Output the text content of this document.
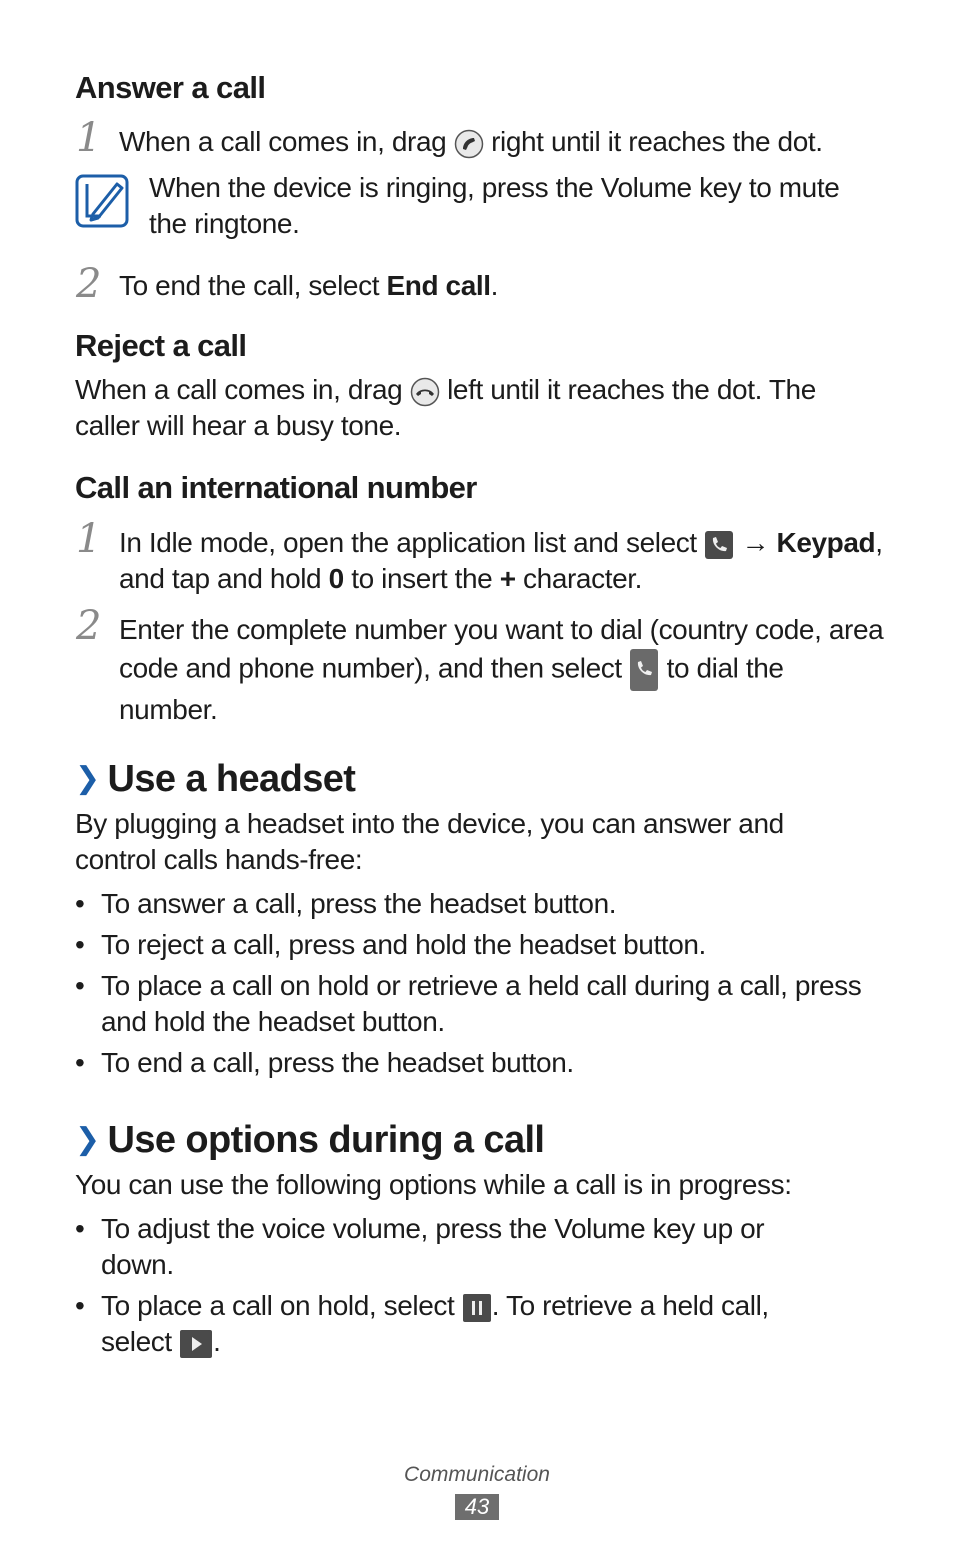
Answer a call
1 When a call comes in, drag right until it reaches the dot.

When the device is ringing, press the Volume key to mute the ringtone.

2 To end the call, select End call.

Reject a call

When a call comes in, drag left until it reaches the dot. The caller will hear a busy tone.

Call an international number
1 In Idle mode, open the application list and select → Keypad, and tap and hold 0 to insert the + character.

2 Enter the complete number you want to dial (country code, area code and phone number), and then select to dial the number.

❯ Use a headset

By plugging a headset into the device, you can answer and control calls hands-free:

• To answer a call, press the headset button.
• To reject a call, press and hold the headset button.
• To place a call on hold or retrieve a held call during a call, press and hold the headset button.
• To end a call, press the headset button.
❯ Use options during a call

You can use the following options while a call is in progress:

• To adjust the voice volume, press the Volume key up or down.
• To place a call on hold, select . To retrieve a held call, select .
Communication
43
